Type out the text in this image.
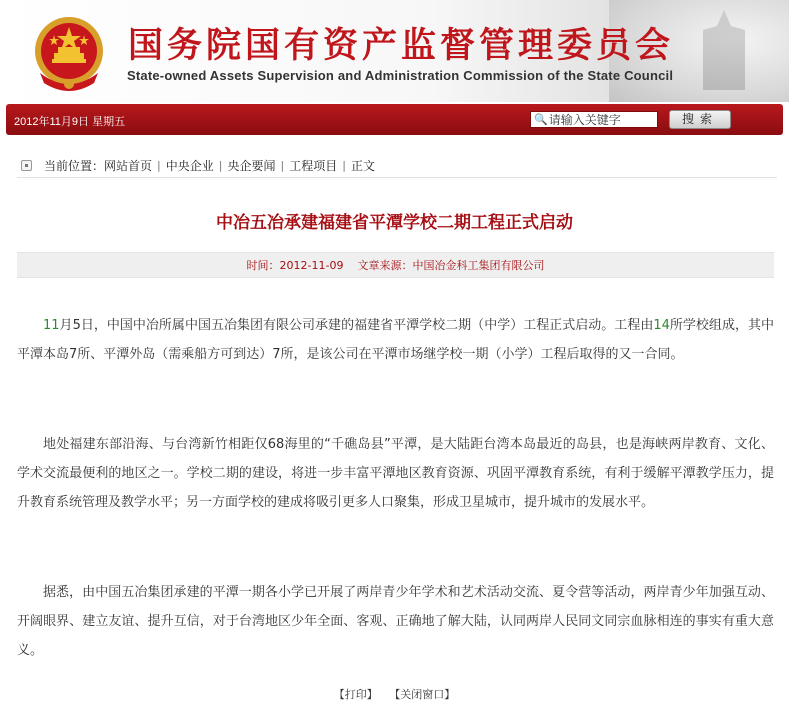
国务院国有资产监督管理委员会
State-owned Assets Supervision and Administration Commission of the State Council
2012年11月9日 星期五	🔍 请输入关键字	搜索
当前位置： 网站首页 | 中央企业 | 央企要闻 | 工程项目 | 正文
中冶五冶承建福建省平潭学校二期工程正式启动
时间：2012-11-09 文章来源：中国冶金科工集团有限公司
11月5日，中国中冶所属中国五冶集团有限公司承建的福建省平潭学校二期（中学）工程正式启动。工程由14所学校组成，其中平潭本岛7所、平潭外岛（需乘船方可到达）7所，是该公司在平潭市场继学校一期（小学）工程后取得的又一合同。
地处福建东部沿海、与台湾新竹相距仅68海里的“千礁岛县”平潭，是大陆距台湾本岛最近的岛县，也是海峡两岸教育、文化、学术交流最便利的地区之一。学校二期的建设，将进一步丰富平潭地区教育资源、巩固平潭教育系统，有利于缓解平潭教学压力，提升教育系统管理及教学水平；另一方面学校的建成将吸引更多人口聚集，形成卫星城市，提升城市的发展水平。
据悉，由中国五冶集团承建的平潭一期各小学已开展了两岸青少年学术和艺术活动交流、夏令营等活动，两岸青少年加强互动、开阔眼界、建立友谊、提升互信，对于台湾地区少年全面、客观、正确地了解大陆，认同两岸人民同文同宗血脉相连的事实有重大意义。
【打印】 【关闭窗口】
